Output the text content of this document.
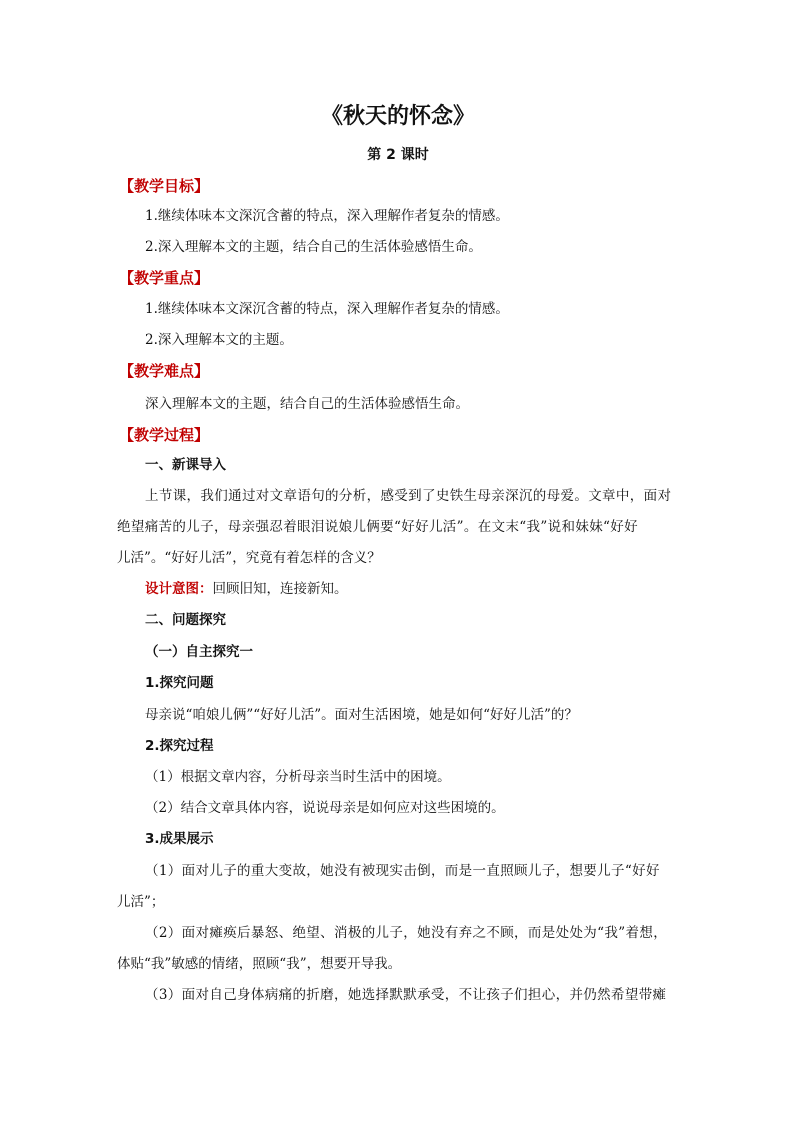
《秋天的怀念》
第 2 课时
【教学目标】
1.继续体味本文深沉含蓄的特点，深入理解作者复杂的情感。
2.深入理解本文的主题，结合自己的生活体验感悟生命。
【教学重点】
1.继续体味本文深沉含蓄的特点，深入理解作者复杂的情感。
2.深入理解本文的主题。
【教学难点】
深入理解本文的主题，结合自己的生活体验感悟生命。
【教学过程】
一、新课导入
上节课，我们通过对文章语句的分析，感受到了史铁生母亲深沉的母爱。文章中，面对
绝望痛苦的儿子，母亲强忍着眼泪说娘儿俩要“好好儿活”。在文末“我”说和妹妹“好好
儿活”。“好好儿活”，究竟有着怎样的含义？
设计意图：回顾旧知，连接新知。
二、问题探究
（一）自主探究一
1.探究问题
母亲说“咱娘儿俩”“好好儿活”。面对生活困境，她是如何“好好儿活”的？
2.探究过程
（1）根据文章内容，分析母亲当时生活中的困境。
（2）结合文章具体内容，说说母亲是如何应对这些困境的。
3.成果展示
（1）面对儿子的重大变故，她没有被现实击倒，而是一直照顾儿子，想要儿子“好好
儿活”；
（2）面对瘫痪后暴怒、绝望、消极的儿子，她没有弃之不顾，而是处处为“我”着想，
体贴“我”敏感的情绪，照顾“我”，想要开导我。
（3）面对自己身体病痛的折磨，她选择默默承受，不让孩子们担心，并仍然希望带瘫
